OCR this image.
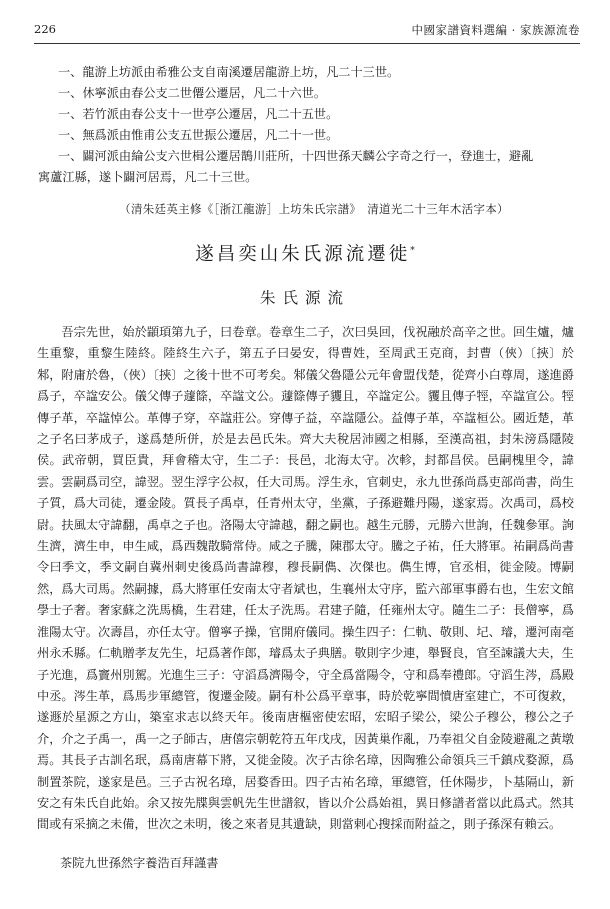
226	中國家譜資料選編 · 家族源流卷
一、龍游上坊派由希雅公支自南溪遷居龍游上坊，凡二十三世。
一、休寧派由春公支二世僊公遷居，凡二十六世。
一、若竹派由春公支十一世亭公遷居，凡二十五世。
一、無爲派由惟甫公支五世振公遷居，凡二十一世。
一、闢河派由綸公支六世楫公遷居鵲川莊所，十四世孫天麟公字奇之行一，登進士，避亂
寓蘆江縣，遂卜闢河居焉，凡二十三世。
（清朱廷英主修《［浙江龍游］上坊朱氏宗譜》　清道光二十三年木活字本）
遂昌奕山朱氏源流遷徙*
朱氏源流

吾宗先世，始於顓頊第九子，曰卷章。卷章生二子，次曰吳回，伐祝融於高辛之世。回生爐，爐生重黎，重黎生陸終。陸終生六子，第五子曰晏安，得曹姓，至周武王克商，封曹（俠）〔挾〕於邾，附庸於魯，（俠）〔挾〕之後十世不可考矣。邾儀父魯隱公元年會盟伐楚，從齊小白尊周，遂進爵爲子，卒諡安公。儀父傳子蘧篨，卒諡文公。蘧篨傳子貜且，卒諡定公。貜且傳子牼，卒諡宣公。牼傳子革，卒諡悼公。革傳子穿，卒諡莊公。穿傳子益，卒諡隱公。益傳子革，卒諡桓公。國近楚，革之子名曰茅成子，遂爲楚所併，於是去邑氏朱。齊大夫稅居沛國之相縣，至漢高祖，封朱滂爲隱陵侯。武帝朝，買臣貴，拜會稽太守，生二子：長邑，北海太守。次軫，封都昌侯。邑嗣槐里令，諱雲。雲嗣爲司空，諱翌。翌生浮字公叔，任大司馬。浮生永，官刺史，永九世孫尚爲吏部尚書，尚生子質，爲大司徒，遷金陵。質長子禹卓，任青州太守，坐黨，子孫避難丹陽，遂家焉。次禹司，爲校尉。扶風太守諱翻，禹卓之子也。洛陽太守諱越，翻之嗣也。越生元勝，元勝六世詢，任魏參軍。詢生濟，濟生申，申生咸，爲西魏散騎常侍。咸之子騰，陳郡太守。騰之子祐，任大將軍。祐嗣爲尚書令曰季文，季文嗣自冀州刺史後爲尚書諱穆，穆長嗣儁、次傑也。儁生博，官丞相，徙金陵。博嗣然，爲大司馬。然嗣據，爲大將軍任安南太守者斌也，生襄州太守序，監六部軍事爵右也，生宏文館學士子奢。奢家蘇之洗馬橋，生君建，任太子洗馬。君建子隨，任雍州太守。隨生二子：長僧寧，爲淮陽太守。次壽昌，亦任太守。僧寧子操，官開府儀同。操生四子：仁軌、敬則、圮、璿，遷河南亳州永禾縣。仁軌贈孝友先生，圮爲著作郎，璿爲太子典膳。敬則字少連，舉賢良，官至諫議大夫，生子光進，爲竇州別駕。光進生三子：守滔爲濟陽令，守全爲當陽令，守和爲奉禮郎。守滔生涔，爲殿中丞。涔生革，爲馬步軍總管，復遷金陵。嗣有朴公爲平章事，時於乾寧間憤唐室建亡，不可復救，遂遯於星源之方山，築室求志以終天年。後南唐樞密使宏昭，宏昭子梁公，梁公子穆公，穆公之子介，介之子禹一，禹一之子師古，唐僖宗朝乾符五年戊戌，因黃巢作亂，乃奉祖父自金陵避亂之黃墩焉。其長子古訓名珉，爲南唐幕下將，又徙金陵。次子古徐名璋，因陶雅公命領兵三千鎮戍婺源，爲制置茶院，遂家是邑。三子古祝名璋，居婺香田。四子古祐名璋，軍總管，任休陽步，卜基隔山，新安之有朱氏自此始。余又按先牒與雲帆先生世譜叙，皆以介公爲始祖，異日修譜者當以此爲式。然其間或有采摘之未備，世次之未明，後之來者見其遺缺，則當剌心搜採而附益之，則子孫深有賴云。

茶院九世孫然字養浩百拜謹書
